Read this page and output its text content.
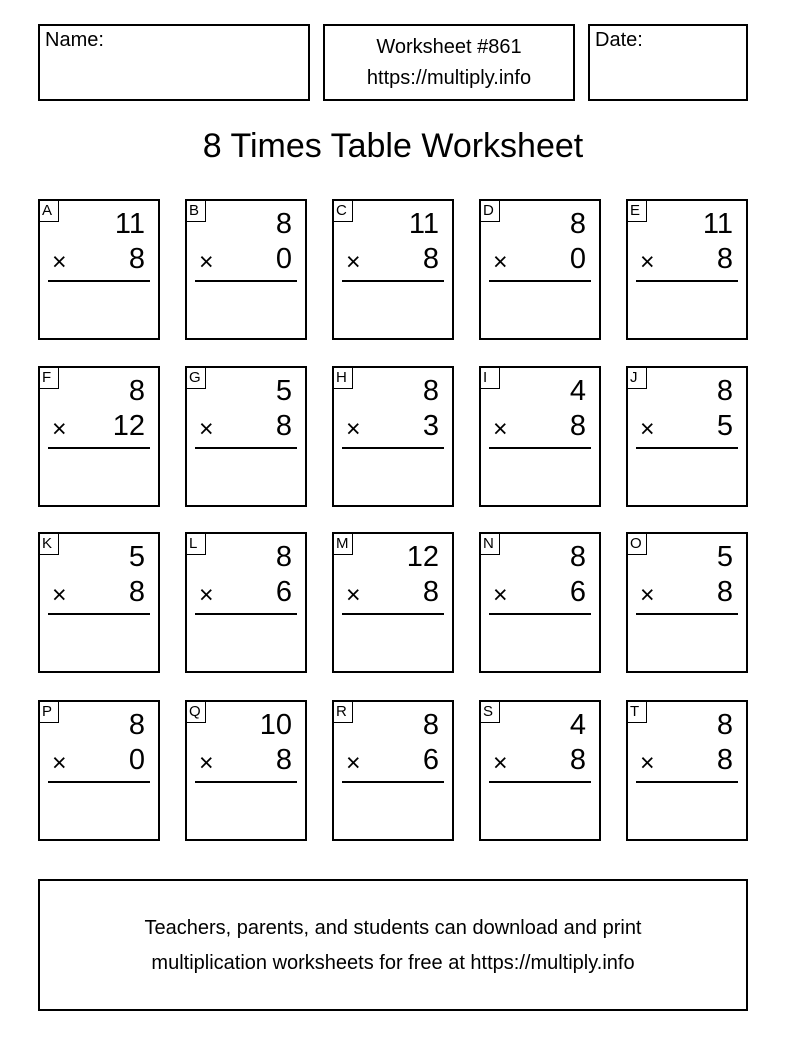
Name:	Worksheet #861
https://multiply.info
Date:
8 Times Table Worksheet
A 11
× 8
B	8
× 0
C 11
× 8
D	8
× 0
E 11
× 8
F	8
× 12
G	5
× 8
H	8
× 3
I	4
× 8
J	8
× 5
K	5
× 8
L	8
× 6
M 12
× 8
N	8
× 6
O	5
× 8
P	8
× 0
Q 10
× 8
R	8
× 6
S	4
× 8
T	8
× 8
Teachers, parents, and students can download and print
multiplication worksheets for free at https://multiply.info
